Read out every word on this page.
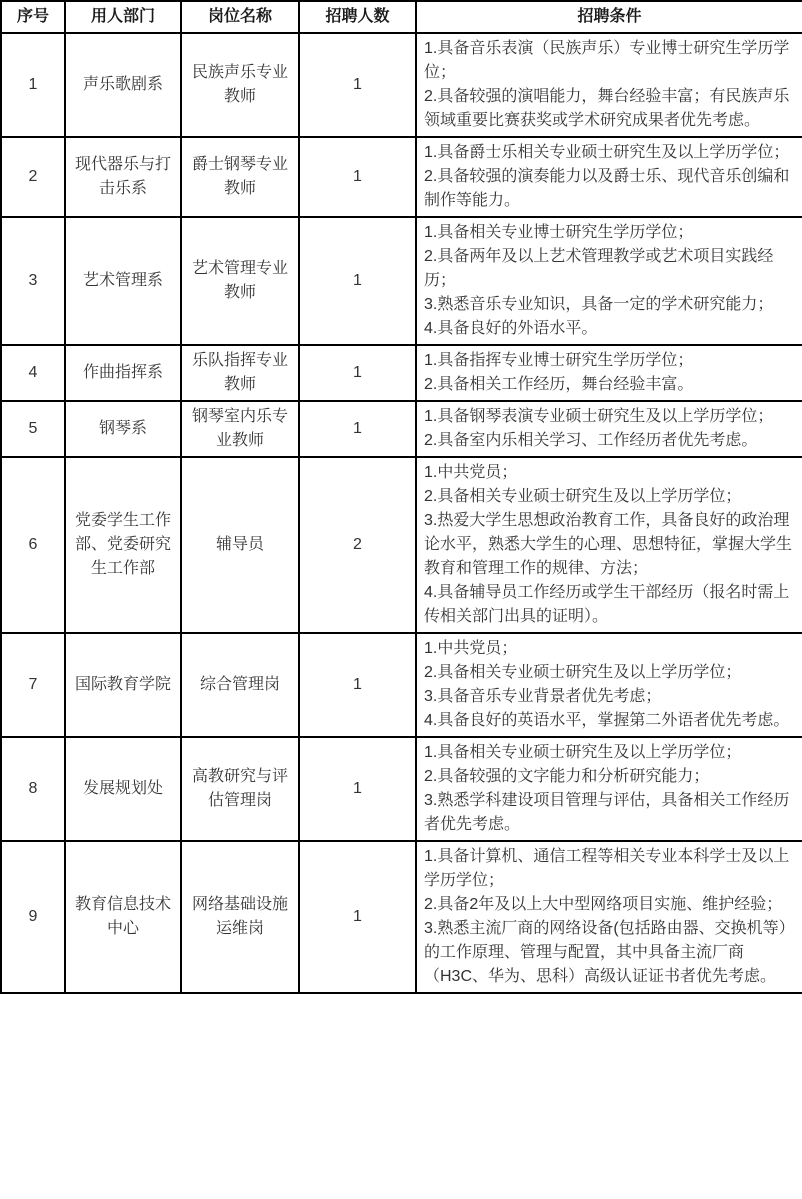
序号	用人部门	岗位名称	招聘人数	招聘条件
1	声乐歌剧系	民族声乐专业教师	1	1.具备音乐表演（民族声乐）专业博士研究生学历学位；
2.具备较强的演唱能力，舞台经验丰富；有民族声乐领域重要比赛获奖或学术研究成果者优先考虑。

2	现代器乐与打击乐系	爵士钢琴专业教师	1	1.具备爵士乐相关专业硕士研究生及以上学历学位；
2.具备较强的演奏能力以及爵士乐、现代音乐创编和制作等能力。

3	艺术管理系	艺术管理专业教师	1	1.具备相关专业博士研究生学历学位；
2.具备两年及以上艺术管理教学或艺术项目实践经历；
3.熟悉音乐专业知识，具备一定的学术研究能力；
4.具备良好的外语水平。

4	作曲指挥系	乐队指挥专业教师	1	1.具备指挥专业博士研究生学历学位；
2.具备相关工作经历，舞台经验丰富。

5	钢琴系	钢琴室内乐专业教师	1	1.具备钢琴表演专业硕士研究生及以上学历学位；
2.具备室内乐相关学习、工作经历者优先考虑。

6	党委学生工作部、党委研究生工作部	辅导员	2	1.中共党员；
2.具备相关专业硕士研究生及以上学历学位；
3.热爱大学生思想政治教育工作，具备良好的政治理论水平，熟悉大学生的心理、思想特征，掌握大学生教育和管理工作的规律、方法；
4.具备辅导员工作经历或学生干部经历（报名时需上传相关部门出具的证明）。

7	国际教育学院	综合管理岗	1	1.中共党员；
2.具备相关专业硕士研究生及以上学历学位；
3.具备音乐专业背景者优先考虑；
4.具备良好的英语水平，掌握第二外语者优先考虑。

8	发展规划处	高教研究与评估管理岗	1	1.具备相关专业硕士研究生及以上学历学位；
2.具备较强的文字能力和分析研究能力；
3.熟悉学科建设项目管理与评估，具备相关工作经历者优先考虑。

9	教育信息技术中心	网络基础设施运维岗	1	1.具备计算机、通信工程等相关专业本科学士及以上学历学位；
2.具备2年及以上大中型网络项目实施、维护经验；
3.熟悉主流厂商的网络设备(包括路由器、交换机等）的工作原理、管理与配置，其中具备主流厂商（H3C、华为、思科）高级认证证书者优先考虑。
